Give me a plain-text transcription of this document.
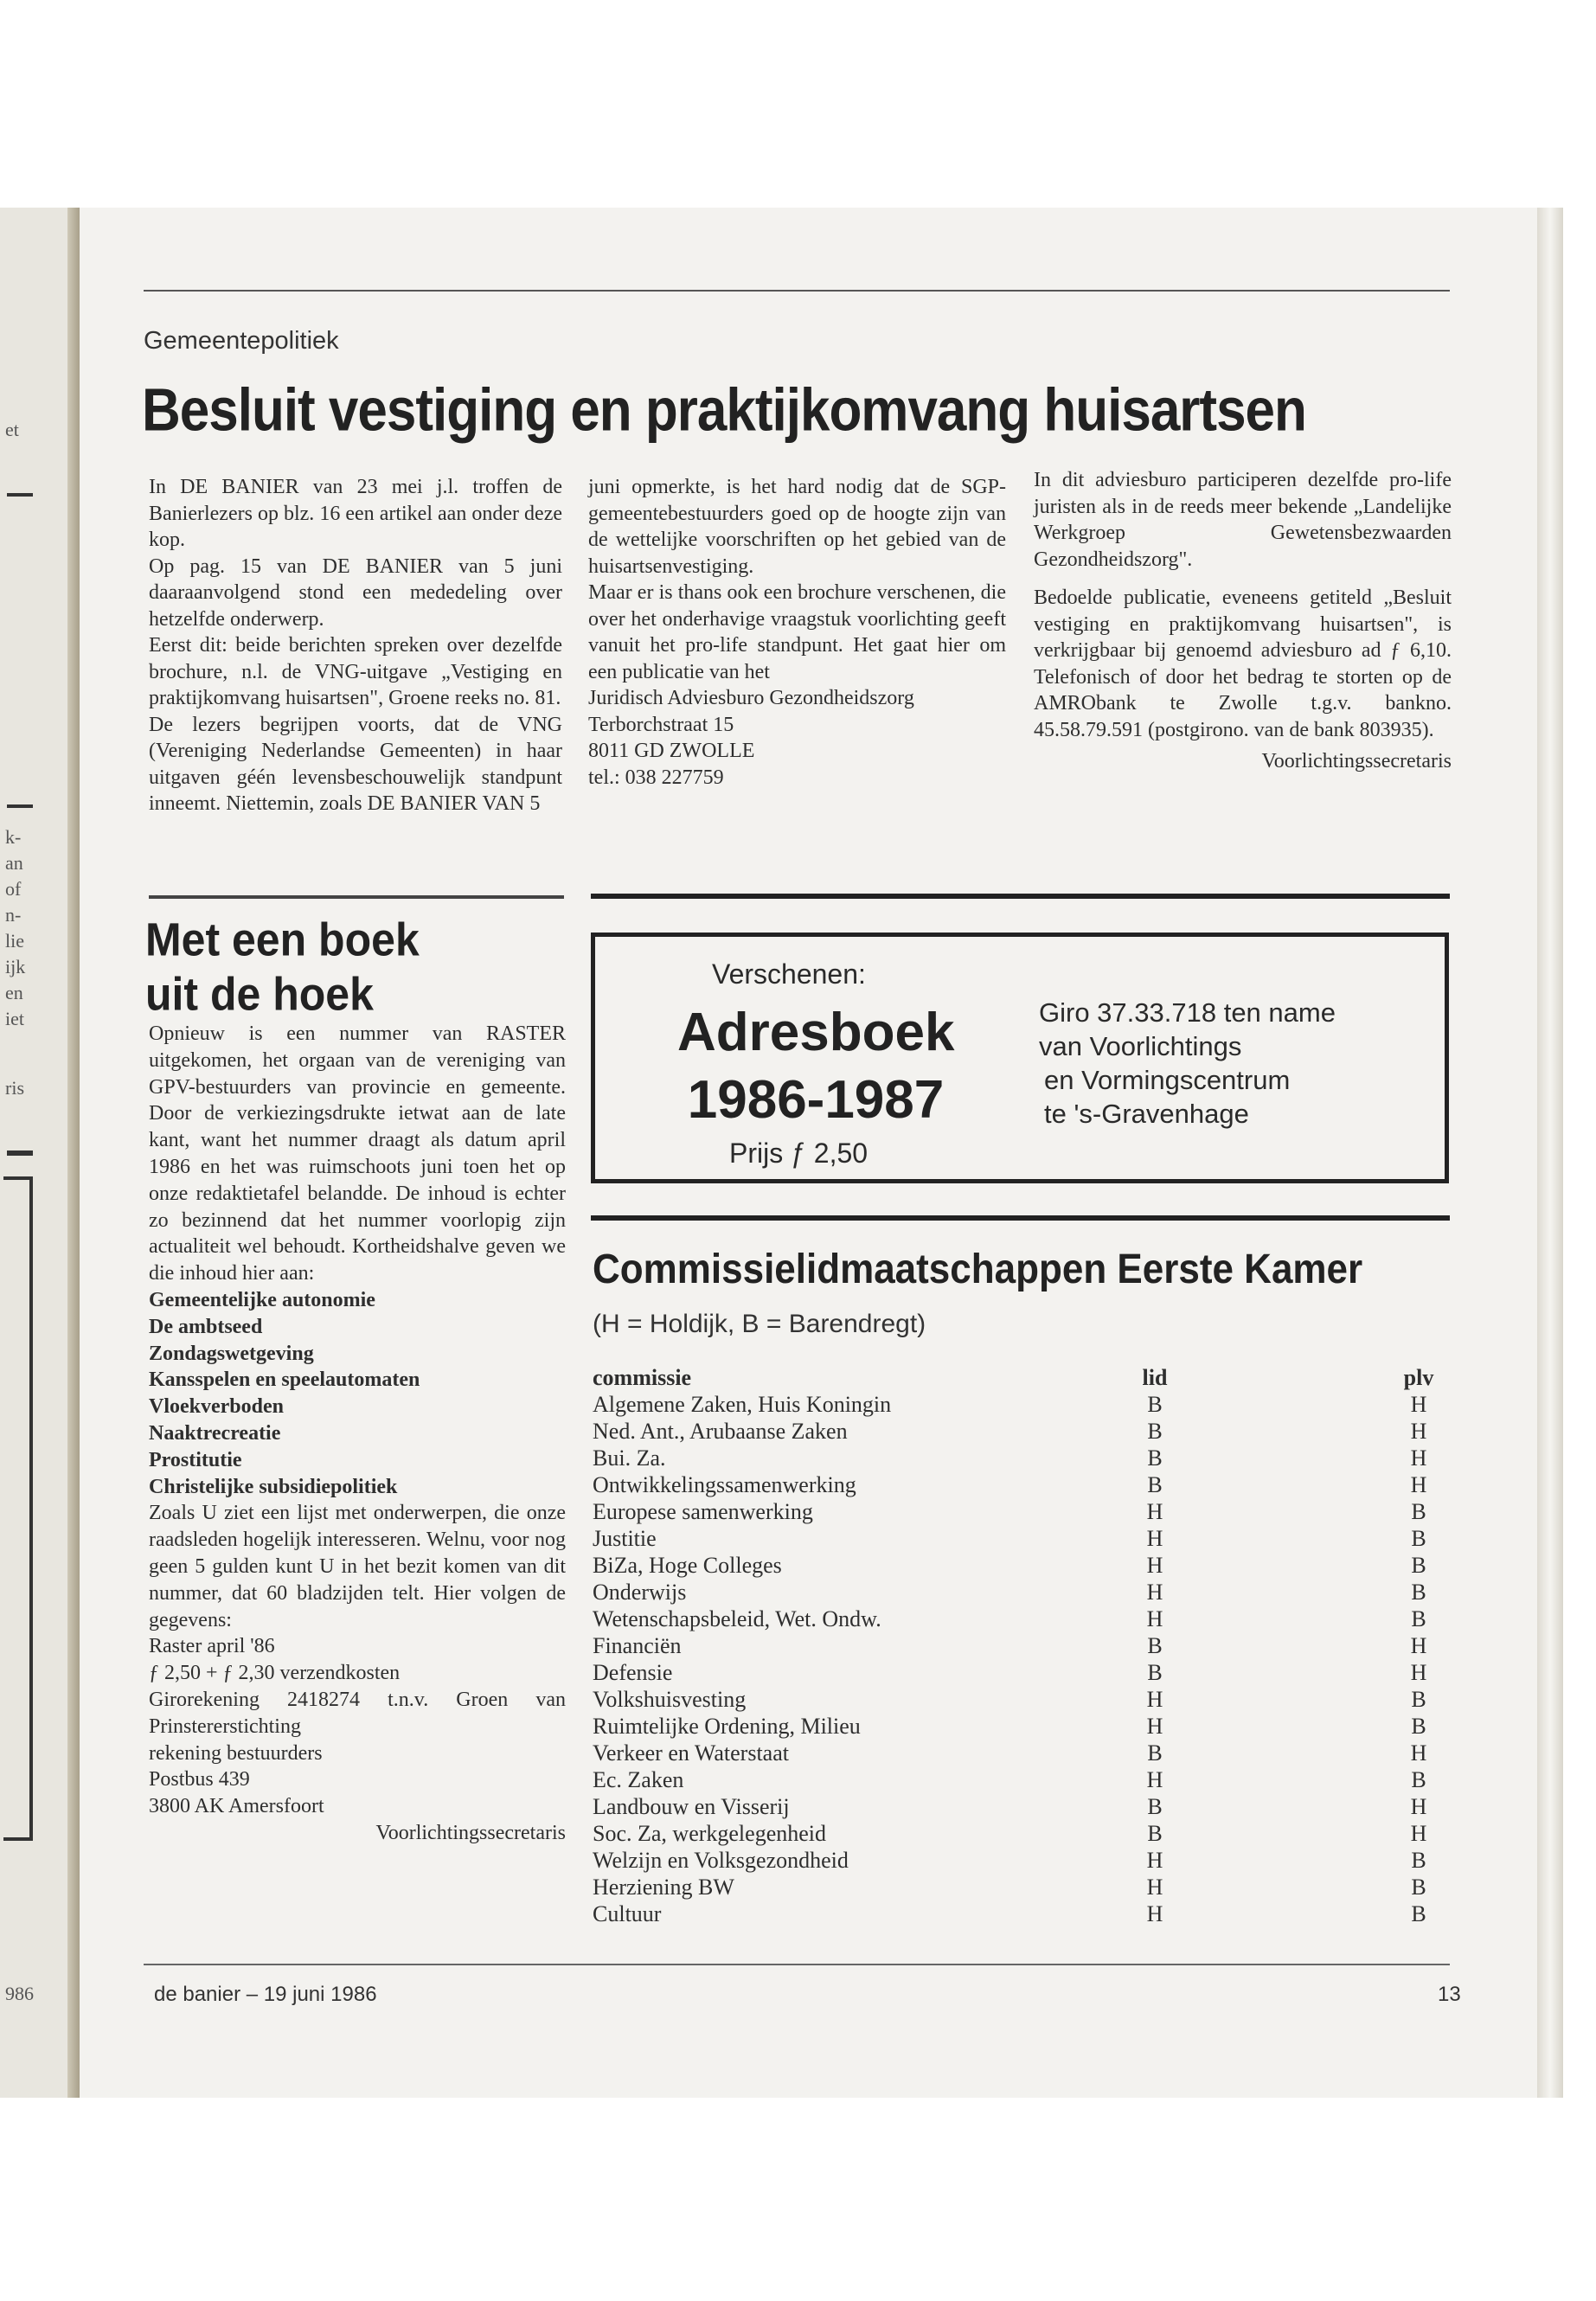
et
k-
an
of
n-
lie
ijk
en
iet
ris
986
Gemeentepolitiek
Besluit vestiging en praktijkomvang huisartsen

In DE BANIER van 23 mei j.l. troffen de Banierlezers op blz. 16 een artikel aan onder deze kop.

Op pag. 15 van DE BANIER van 5 juni daaraanvolgend stond een mededeling over hetzelfde onderwerp.

Eerst dit: beide berichten spreken over dezelfde brochure, n.l. de VNG-uitgave „Vestiging en praktijkomvang huisartsen", Groene reeks no. 81.

De lezers begrijpen voorts, dat de VNG (Vereniging Nederlandse Gemeenten) in haar uitgaven géén levensbeschouwelijk standpunt inneemt. Niettemin, zoals DE BANIER VAN 5

juni opmerkte, is het hard nodig dat de SGP-gemeentebestuurders goed op de hoogte zijn van de wettelijke voorschriften op het gebied van de huisartsenvestiging.

Maar er is thans ook een brochure verschenen, die over het onderhavige vraagstuk voorlichting geeft vanuit het pro-life standpunt. Het gaat hier om een publicatie van het

Juridisch Adviesburo Gezondheidszorg

Terborchstraat 15

8011 GD ZWOLLE

tel.: 038 227759

In dit adviesburo participeren dezelfde pro-life juristen als in de reeds meer bekende „Landelijke Werkgroep Gewetensbezwaarden Gezondheidszorg".

Bedoelde publicatie, eveneens getiteld „Besluit vestiging en praktijkomvang huisartsen", is verkrijgbaar bij genoemd adviesburo ad ƒ 6,10. Telefonisch of door het bedrag te storten op de AMRObank te Zwolle t.g.v. bankno. 45.58.79.591 (postgirono. van de bank 803935).

Voorlichtingssecretaris

Met een boek
uit de hoek

Opnieuw is een nummer van RASTER uitgekomen, het orgaan van de vereniging van GPV-bestuurders van provincie en gemeente. Door de verkiezingsdrukte ietwat aan de late kant, want het nummer draagt als datum april 1986 en het was ruimschoots juni toen het op onze redaktietafel belandde. De inhoud is echter zo bezinnend dat het nummer voorlopig zijn actualiteit wel behoudt. Kortheidshalve geven we die inhoud hier aan:

Gemeentelijke autonomie

De ambtseed

Zondagswetgeving

Kansspelen en speelautomaten

Vloekverboden

Naaktrecreatie

Prostitutie

Christelijke subsidiepolitiek

Zoals U ziet een lijst met onderwerpen, die onze raadsleden hogelijk interesseren. Welnu, voor nog geen 5 gulden kunt U in het bezit komen van dit nummer, dat 60 bladzijden telt. Hier volgen de gegevens:

Raster april '86

ƒ 2,50 + ƒ 2,30 verzendkosten

Girorekening 2418274 t.n.v. Groen van Prinstererstichting

rekening bestuurders

Postbus 439

3800 AK Amersfoort

Voorlichtingssecretaris

Verschenen:
Adresboek
1986-1987
Prijs ƒ 2,50
Giro 37.33.718 ten name
van Voorlichtings
en Vormingscentrum
te 's-Gravenhage
Commissielidmaatschappen Eerste Kamer
(H = Holdijk, B = Barendregt)
commissie	lid		plv
Algemene Zaken, Huis Koningin	B		H
Ned. Ant., Arubaanse Zaken	B		H
Bui. Za.	B		H
Ontwikkelingssamenwerking	B		H
Europese samenwerking	H		B
Justitie	H		B
BiZa, Hoge Colleges	H		B
Onderwijs	H		B
Wetenschapsbeleid, Wet. Ondw.	H		B
Financiën	B		H
Defensie	B		H
Volkshuisvesting	H		B
Ruimtelijke Ordening, Milieu	H		B
Verkeer en Waterstaat	B		H
Ec. Zaken	H		B
Landbouw en Visserij	B		H
Soc. Za, werkgelegenheid	B		H
Welzijn en Volksgezondheid	H		B
Herziening BW	H		B
Cultuur	H		B
de banier – 19 juni 1986	13
